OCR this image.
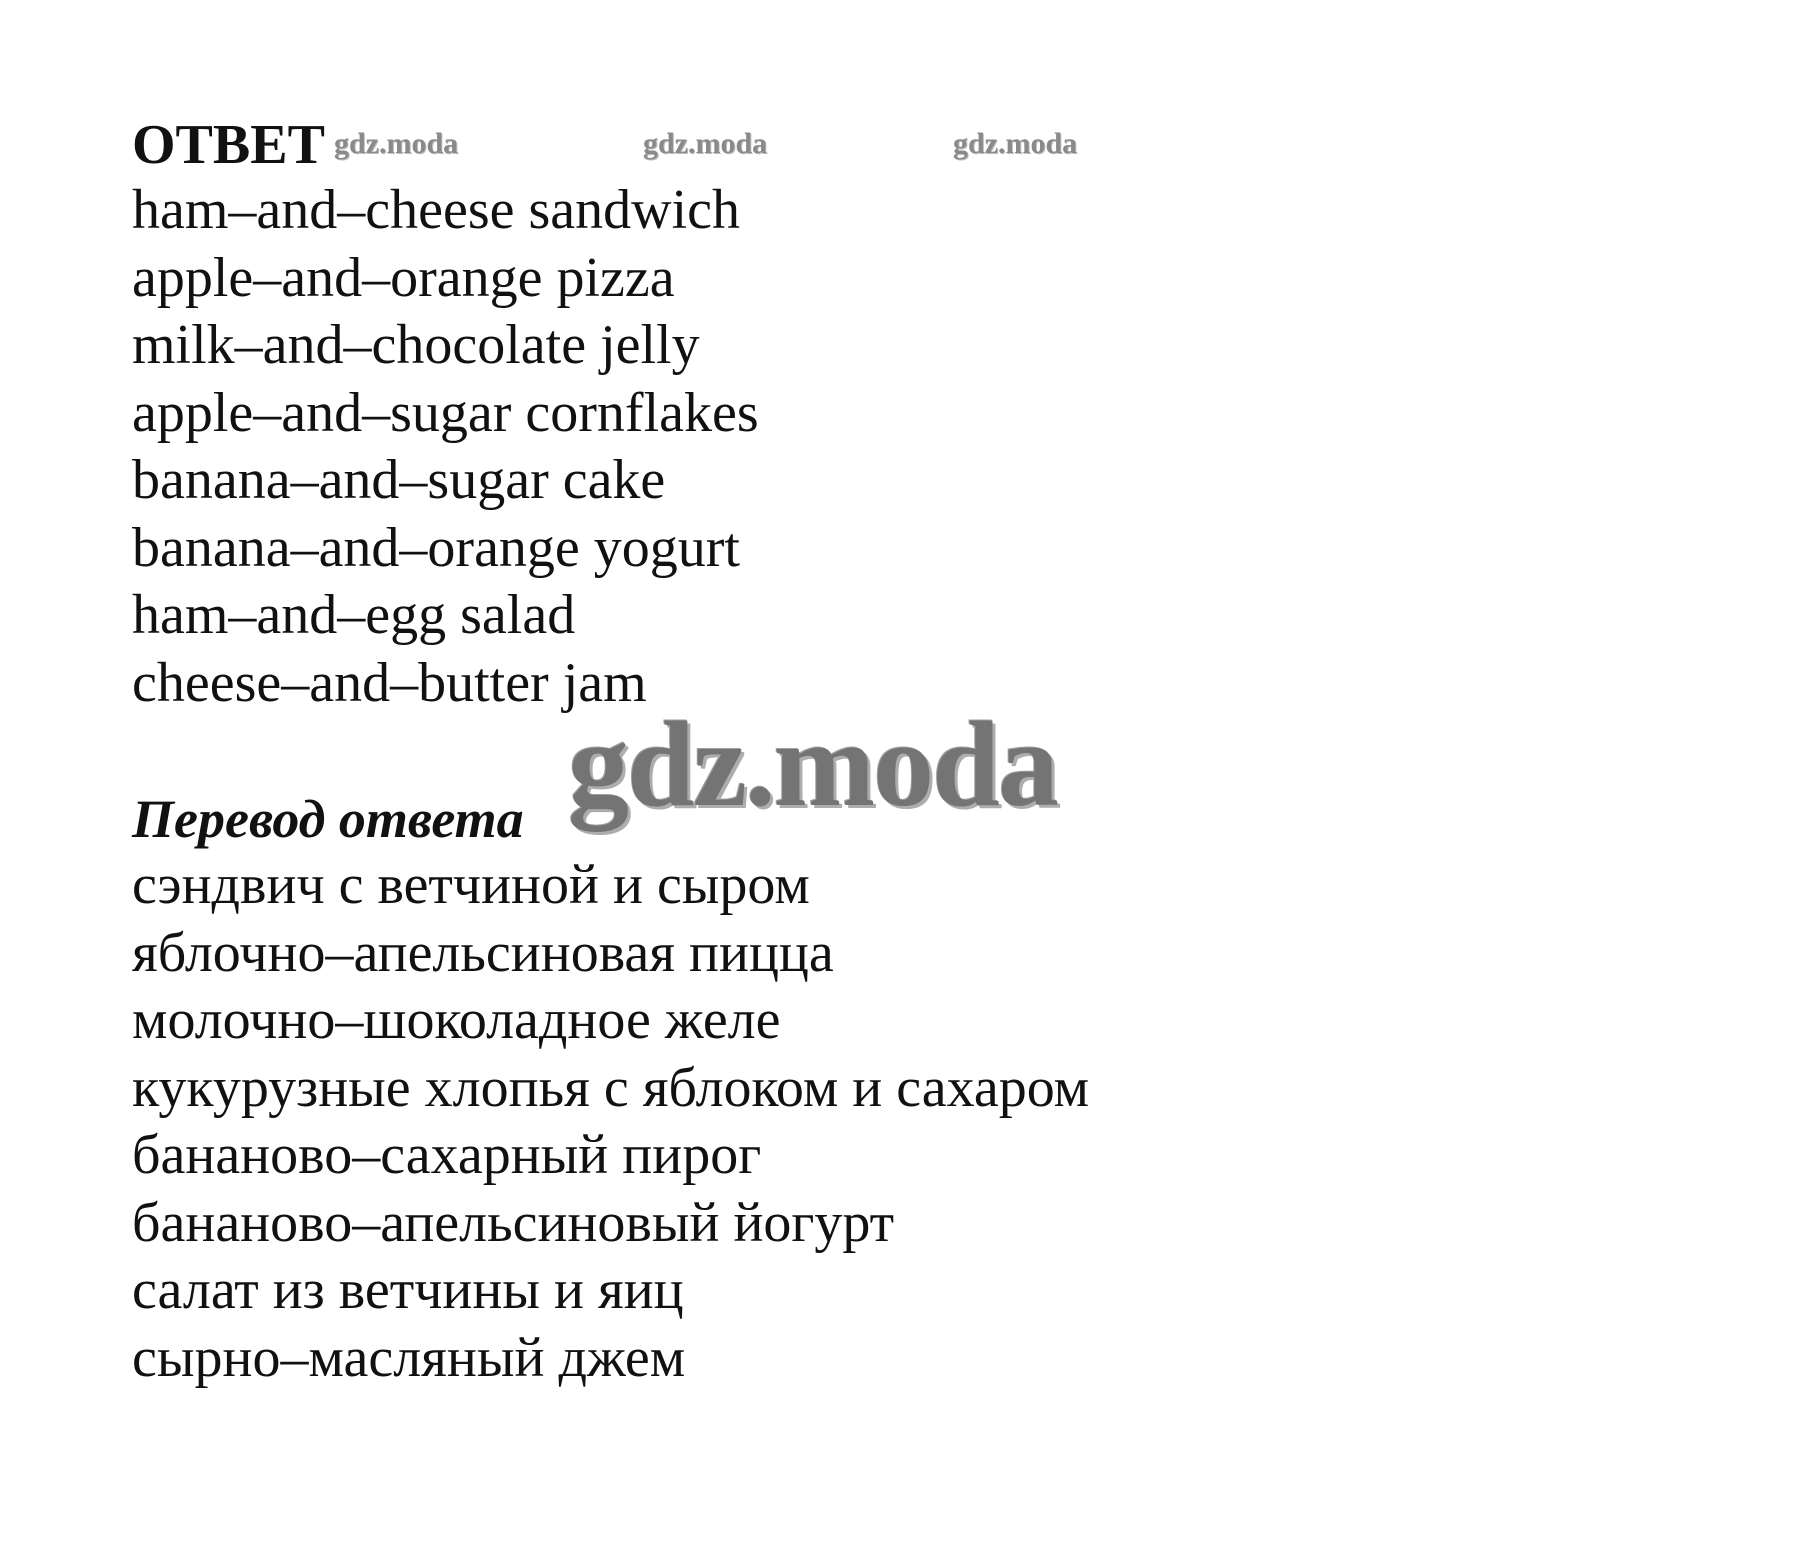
ОТВЕТ gdz.moda	gdz.moda	gdz.moda
ham–and–cheese sandwich
apple–and–orange pizza
milk–and–chocolate jelly
apple–and–sugar cornflakes
banana–and–sugar cake
banana–and–orange yogurt
ham–and–egg salad
cheese–and–butter jam
Перевод ответа gdz.moda
сэндвич с ветчиной и сыром
яблочно–апельсиновая пицца
молочно–шоколадное желе
кукурузные хлопья с яблоком и сахаром
бананово–сахарный пирог
бананово–апельсиновый йогурт
салат из ветчины и яиц
сырно–масляный джем
